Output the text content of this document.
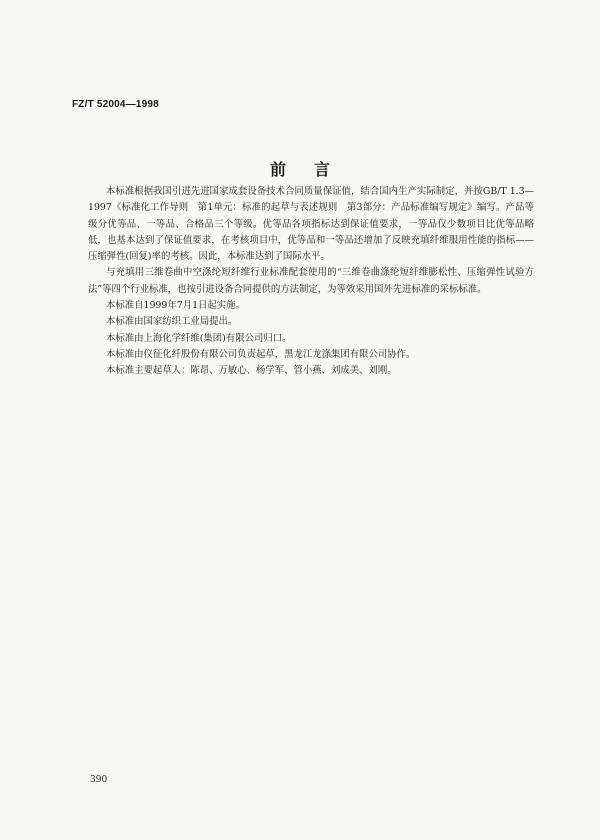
FZ/T 52004—1998
前 言

本标准根据我国引进先进国家成套设备技术合同质量保证值，结合国内生产实际制定，并按GB/T 1.3—1997《标准化工作导则　第1单元：标准的起草与表述规则　第3部分：产品标准编写规定》编写。产品等级分优等品、一等品、合格品三个等级。优等品各项指标达到保证值要求，一等品仅少数项目比优等品略低，也基本达到了保证值要求，在考核项目中，优等品和一等品还增加了反映充填纤维服用性能的指标——压缩弹性(回复)率的考核。因此，本标准达到了国际水平。

与充填用三维卷曲中空涤纶短纤维行业标准配套使用的“三维卷曲涤纶短纤维膨松性、压缩弹性试验方法”等四个行业标准，也按引进设备合同提供的方法制定，为等效采用国外先进标准的采标标准。

本标准自1999年7月1日起实施。

本标准由国家纺织工业局提出。

本标准由上海化学纤维(集团)有限公司归口。

本标准由仪征化纤股份有限公司负责起草，黑龙江龙涤集团有限公司协作。

本标准主要起草人：陈昂、万敏心、杨学军、管小燕、刘成美、刘刚。

390
